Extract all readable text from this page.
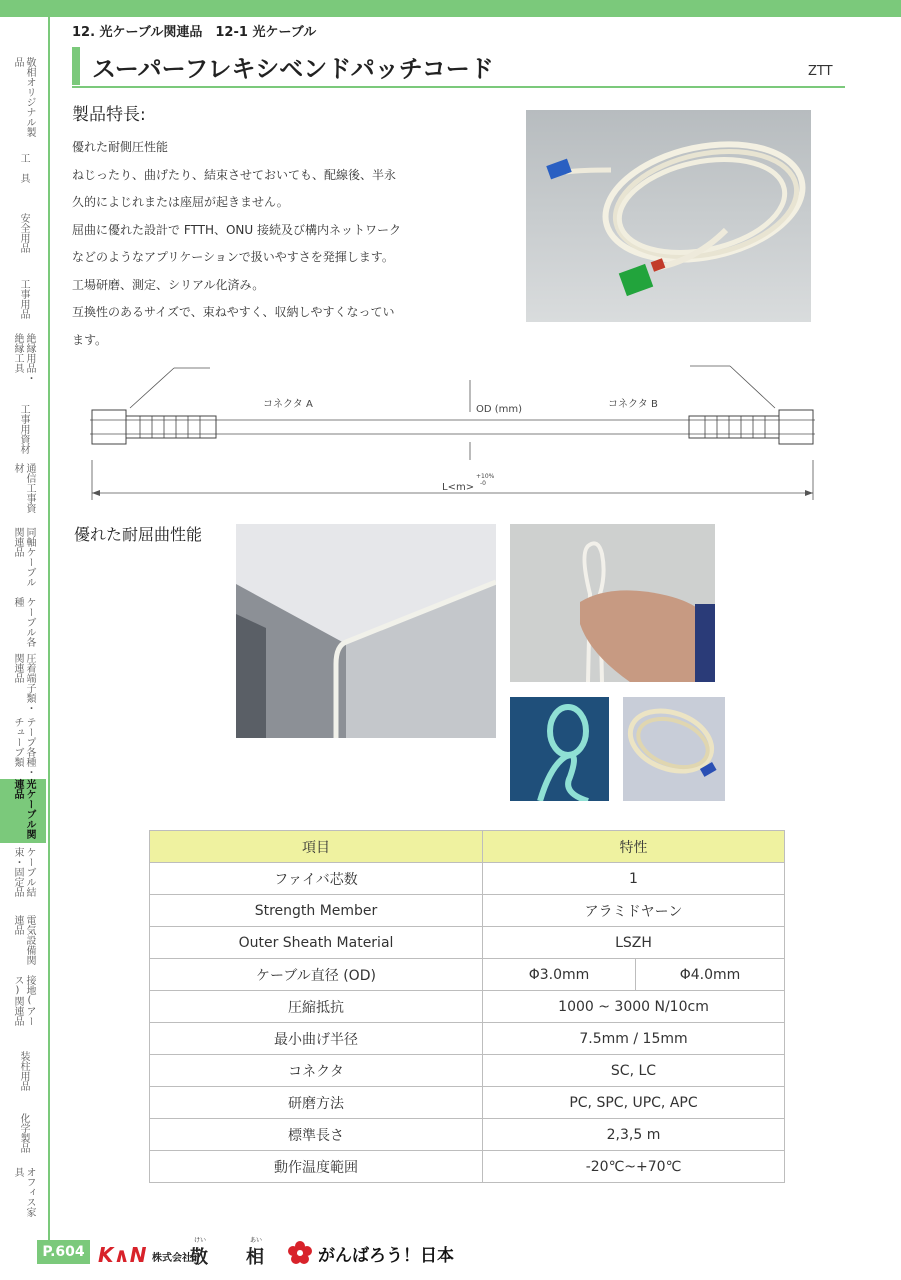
敬相オリジナル製品
工　具
安全用品
工事用品
絶縁用品・絶縁工具
工事用資材
通信工事資材
同軸ケーブル関連品
ケーブル各種
圧着端子類・関連品
テープ各種・チューブ類
光ケーブル関連品
ケーブル結束・固定品
電気設備関連品
接地(アース)関連品
装柱用品
化学製品
オフィス家具
12. 光ケーブル関連品　12-1 光ケーブル
スーパーフレキシベンドパッチコード	ZTT
製品特長:
優れた耐側圧性能
ねじったり、曲げたり、結束させておいても、配線後、半永
久的によじれまたは座屈が起きません。
屈曲に優れた設計で FTTH、ONU 接続及び構内ネットワーク
などのようなアプリケーションで扱いやすさを発揮します。
工場研磨、測定、シリアル化済み。
互換性のあるサイズで、束ねやすく、収納しやすくなってい
ます。
コネクタ A	コネクタ B
OD (mm)
L<m>
+10%
-0
優れた耐屈曲性能
項目	特性	
ファイバ芯数	1	
Strength Member	アラミドヤーン	
Outer Sheath Material	LSZH	
ケーブル直径 (OD)	Φ3.0mm	Φ4.0mm
圧縮抵抗	1000 ~ 3000 N/10cm	
最小曲げ半径	7.5mm / 15mm	
コネクタ	SC, LC	
研磨方法	PC, SPC, UPC, APC	
標準長さ	2,3,5 m	
動作温度範囲	-20℃~+70℃	
P.604 K∧N 株式会社
けい
敬
あい
相	がんばろう！日本
